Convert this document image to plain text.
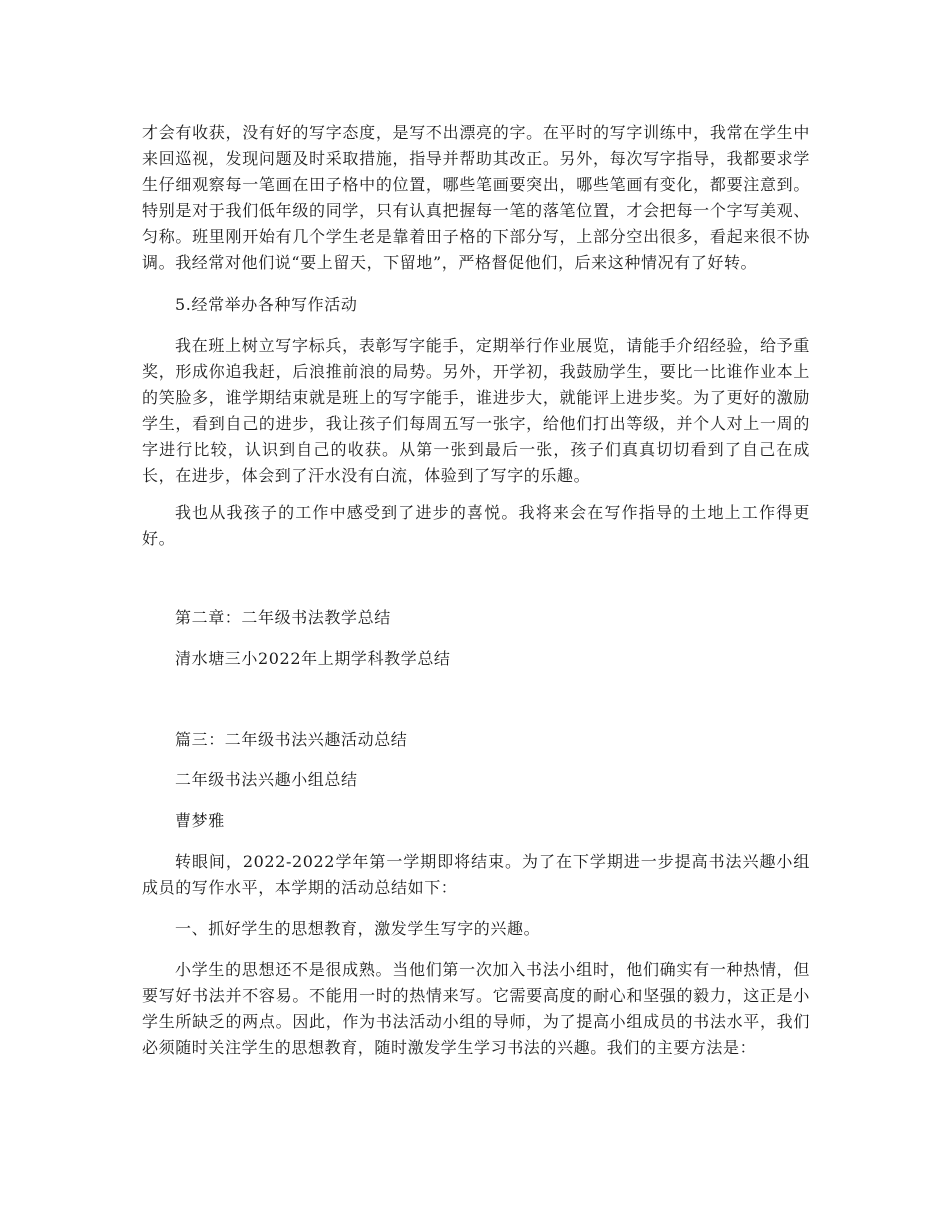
才会有收获，没有好的写字态度，是写不出漂亮的字。在平时的写字训练中，我常在学生中来回巡视，发现问题及时采取措施，指导并帮助其改正。另外，每次写字指导，我都要求学生仔细观察每一笔画在田子格中的位置，哪些笔画要突出，哪些笔画有变化，都要注意到。特别是对于我们低年级的同学，只有认真把握每一笔的落笔位置，才会把每一个字写美观、匀称。班里刚开始有几个学生老是靠着田子格的下部分写，上部分空出很多，看起来很不协调。我经常对他们说“要上留天，下留地”，严格督促他们，后来这种情况有了好转。

5.经常举办各种写作活动

我在班上树立写字标兵，表彰写字能手，定期举行作业展览，请能手介绍经验，给予重奖，形成你追我赶，后浪推前浪的局势。另外，开学初，我鼓励学生，要比一比谁作业本上的笑脸多，谁学期结束就是班上的写字能手，谁进步大，就能评上进步奖。为了更好的激励学生，看到自己的进步，我让孩子们每周五写一张字，给他们打出等级，并个人对上一周的字进行比较，认识到自己的收获。从第一张到最后一张，孩子们真真切切看到了自己在成长，在进步，体会到了汗水没有白流，体验到了写字的乐趣。

我也从我孩子的工作中感受到了进步的喜悦。我将来会在写作指导的土地上工作得更好。

第二章：二年级书法教学总结

清水塘三小2022年上期学科教学总结

篇三：二年级书法兴趣活动总结

二年级书法兴趣小组总结

曹梦雅

转眼间，2022-2022学年第一学期即将结束。为了在下学期进一步提高书法兴趣小组成员的写作水平，本学期的活动总结如下：

一、抓好学生的思想教育，激发学生写字的兴趣。

小学生的思想还不是很成熟。当他们第一次加入书法小组时，他们确实有一种热情，但要写好书法并不容易。不能用一时的热情来写。它需要高度的耐心和坚强的毅力，这正是小学生所缺乏的两点。因此，作为书法活动小组的导师，为了提高小组成员的书法水平，我们必须随时关注学生的思想教育，随时激发学生学习书法的兴趣。我们的主要方法是：
